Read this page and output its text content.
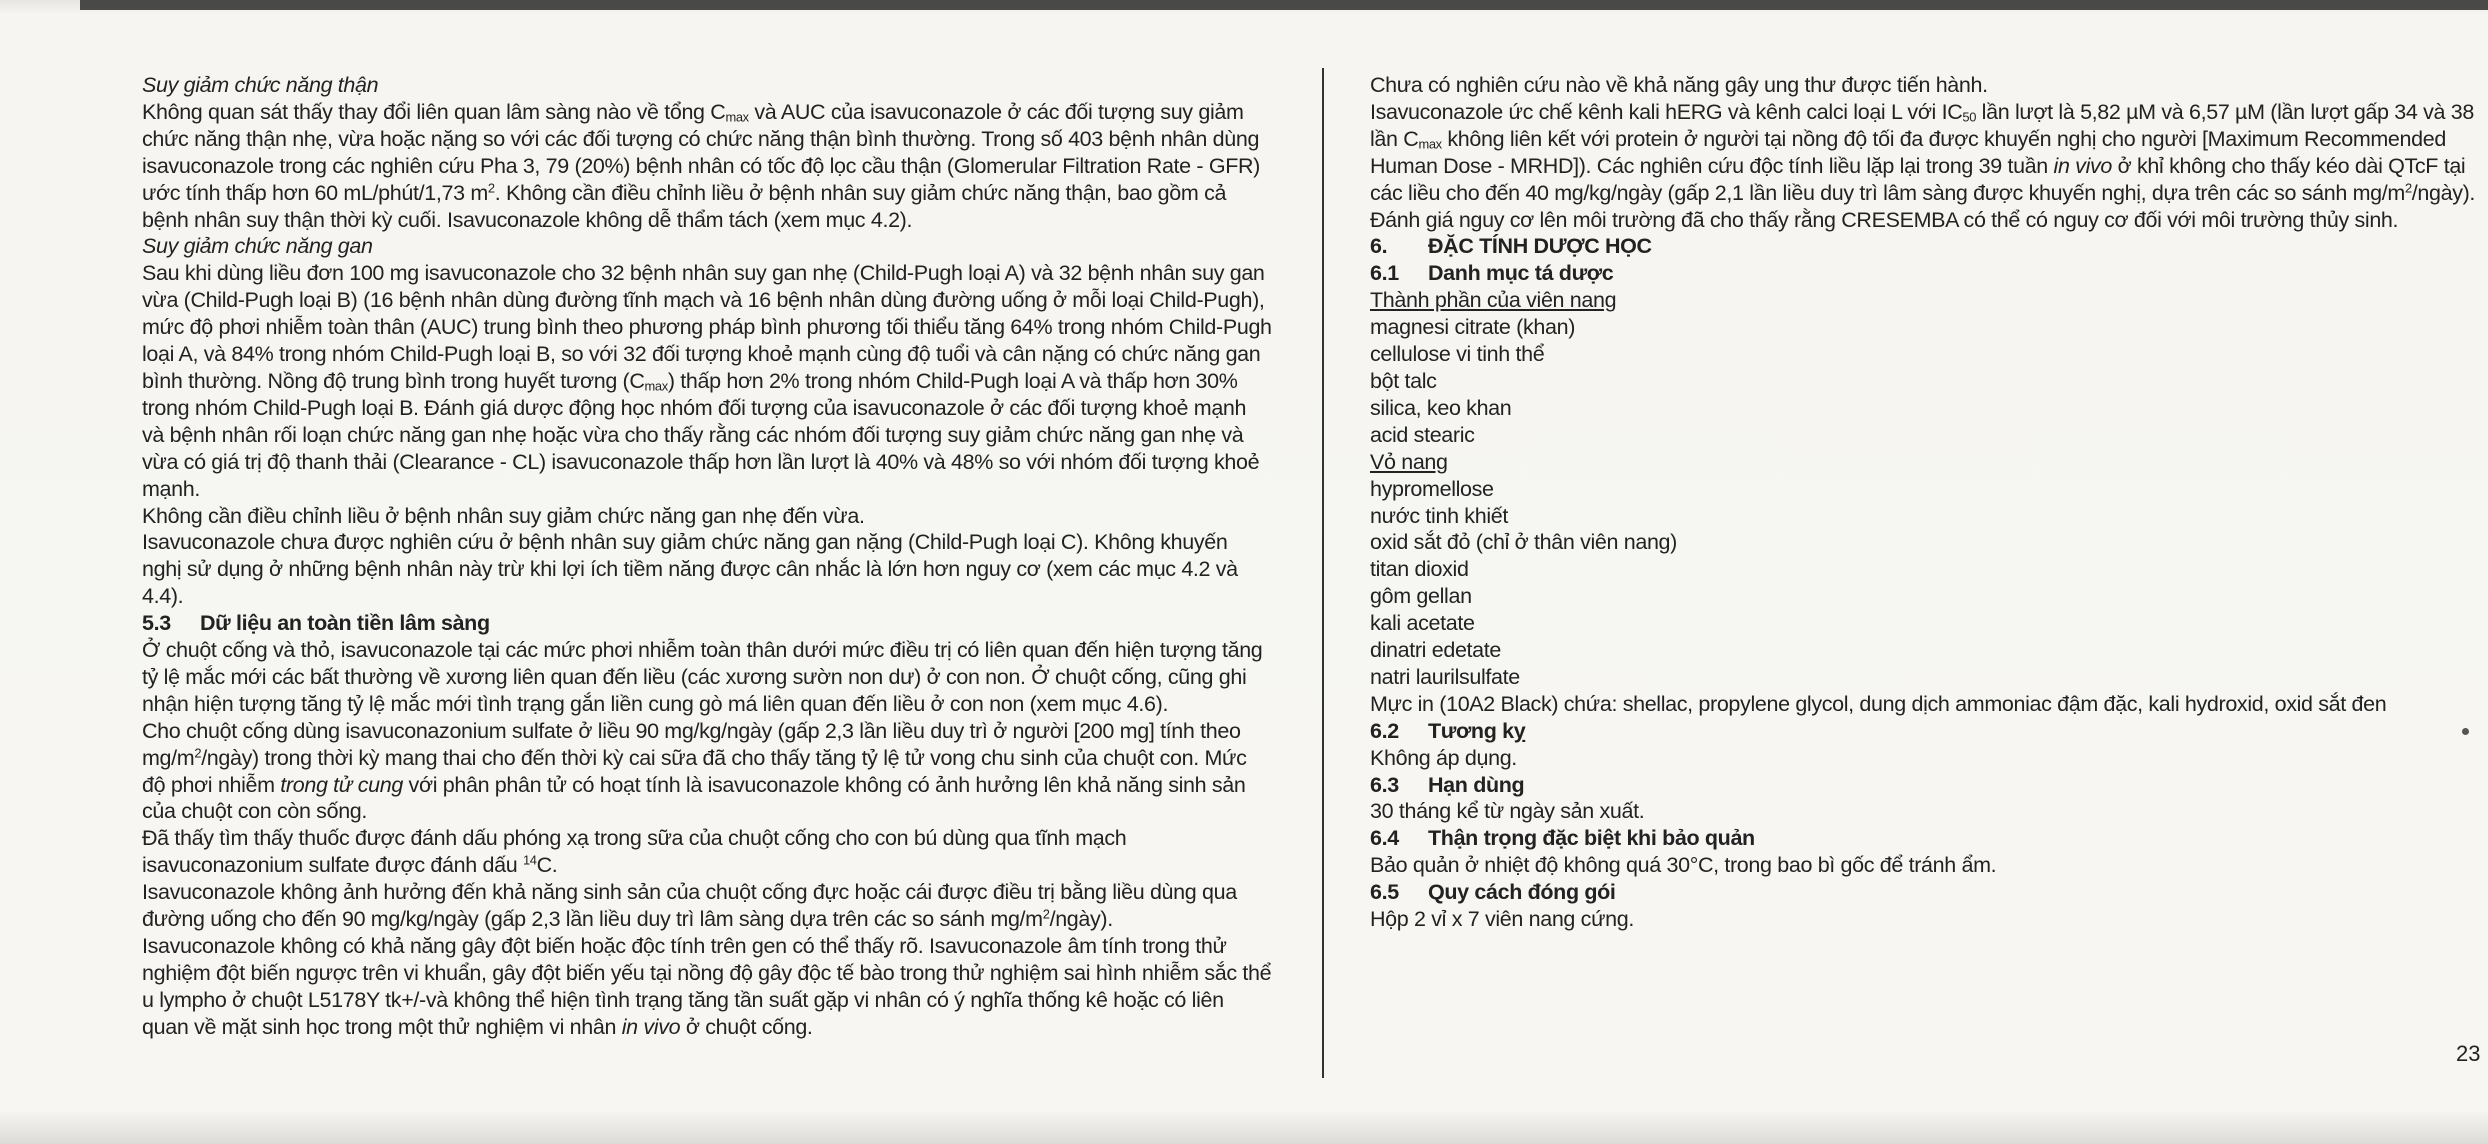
Suy giảm chức năng thận

Không quan sát thấy thay đổi liên quan lâm sàng nào về tổng $C_{max}$ và AUC của isavuconazole ở các đối tượng suy giảm chức năng thận nhẹ, vừa hoặc nặng so với các đối tượng có chức năng thận bình thường. Trong số 403 bệnh nhân dùng isavuconazole trong các nghiên cứu Pha 3, 79 (20%) bệnh nhân có tốc độ lọc cầu thận (Glomerular Filtration Rate - GFR) ước tính thấp hơn 60 mL/phút/1,73 $m^2$. Không cần điều chỉnh liều ở bệnh nhân suy giảm chức năng thận, bao gồm cả bệnh nhân suy thận thời kỳ cuối. Isavuconazole không dễ thẩm tách (xem mục 4.2).

Suy giảm chức năng gan

Sau khi dùng liều đơn 100 mg isavuconazole cho 32 bệnh nhân suy gan nhẹ (Child-Pugh loại A) và 32 bệnh nhân suy gan vừa (Child-Pugh loại B) (16 bệnh nhân dùng đường tĩnh mạch và 16 bệnh nhân dùng đường uống ở mỗi loại Child-Pugh), mức độ phơi nhiễm toàn thân (AUC) trung bình theo phương pháp bình phương tối thiểu tăng 64% trong nhóm Child-Pugh loại A, và 84% trong nhóm Child-Pugh loại B, so với 32 đối tượng khoẻ mạnh cùng độ tuổi và cân nặng có chức năng gan bình thường. Nồng độ trung bình trong huyết tương $(C_{max})$ thấp hơn 2% trong nhóm Child-Pugh loại A và thấp hơn 30% trong nhóm Child-Pugh loại B. Đánh giá dược động học nhóm đối tượng của isavuconazole ở các đối tượng khoẻ mạnh và bệnh nhân rối loạn chức năng gan nhẹ hoặc vừa cho thấy rằng các nhóm đối tượng suy giảm chức năng gan nhẹ và vừa có giá trị độ thanh thải (Clearance - CL) isavuconazole thấp hơn lần lượt là 40% và 48% so với nhóm đối tượng khoẻ mạnh.

Không cần điều chỉnh liều ở bệnh nhân suy giảm chức năng gan nhẹ đến vừa.

Isavuconazole chưa được nghiên cứu ở bệnh nhân suy giảm chức năng gan nặng (Child-Pugh loại C). Không khuyến nghị sử dụng ở những bệnh nhân này trừ khi lợi ích tiềm năng được cân nhắc là lớn hơn nguy cơ (xem các mục 4.2 và 4.4).

5.3 Dữ liệu an toàn tiền lâm sàng

Ở chuột cống và thỏ, isavuconazole tại các mức phơi nhiễm toàn thân dưới mức điều trị có liên quan đến hiện tượng tăng tỷ lệ mắc mới các bất thường về xương liên quan đến liều (các xương sườn non dư) ở con non. Ở chuột cống, cũng ghi nhận hiện tượng tăng tỷ lệ mắc mới tình trạng gắn liền cung gò má liên quan đến liều ở con non (xem mục 4.6).

Cho chuột cống dùng isavuconazonium sulfate ở liều 90 mg/kg/ngày (gấp 2,3 lần liều duy trì ở người [200 mg] tính theo $mg/m^2/ngày$) trong thời kỳ mang thai cho đến thời kỳ cai sữa đã cho thấy tăng tỷ lệ tử vong chu sinh của chuột con. Mức độ phơi nhiễm trong tử cung với phân phân tử có hoạt tính là isavuconazole không có ảnh hưởng lên khả năng sinh sản của chuột con còn sống.

Đã thấy tìm thấy thuốc được đánh dấu phóng xạ trong sữa của chuột cống cho con bú dùng qua tĩnh mạch isavuconazonium sulfate được đánh dấu $^{14}$C.

Isavuconazole không ảnh hưởng đến khả năng sinh sản của chuột cống đực hoặc cái được điều trị bằng liều dùng qua đường uống cho đến 90 mg/kg/ngày (gấp 2,3 lần liều duy trì lâm sàng dựa trên các so sánh $mg/m^2/ngày$).

Isavuconazole không có khả năng gây đột biến hoặc độc tính trên gen có thể thấy rõ. Isavuconazole âm tính trong thử nghiệm đột biến ngược trên vi khuẩn, gây đột biến yếu tại nồng độ gây độc tế bào trong thử nghiệm sai hình nhiễm sắc thể u lympho ở chuột L5178Y tk+/-và không thể hiện tình trạng tăng tần suất gặp vi nhân có ý nghĩa thống kê hoặc có liên quan về mặt sinh học trong một thử nghiệm vi nhân in vivo ở chuột cống.

Chưa có nghiên cứu nào về khả năng gây ung thư được tiến hành.

Isavuconazole ức chế kênh kali hERG và kênh calci loại L với $IC_{50}$ lần lượt là 5,82 µM và 6,57 µM (lần lượt gấp 34 và 38 lần $C_{max}$ không liên kết với protein ở người tại nồng độ tối đa được khuyến nghị cho người [Maximum Recommended Human Dose - MRHD]). Các nghiên cứu độc tính liều lặp lại trong 39 tuần in vivo ở khỉ không cho thấy kéo dài QTcF tại các liều cho đến 40 mg/kg/ngày (gấp 2,1 lần liều duy trì lâm sàng được khuyến nghị, dựa trên các so sánh $mg/m^2/ngày$).

Đánh giá nguy cơ lên môi trường đã cho thấy rằng CRESEMBA có thể có nguy cơ đối với môi trường thủy sinh.

6. ĐẶC TÍNH DƯỢC HỌC

6.1 Danh mục tá dược

Thành phần của viên nang

magnesi citrate (khan)

cellulose vi tinh thể

bột talc

silica, keo khan

acid stearic

Vỏ nang

hypromellose

nước tinh khiết

oxid sắt đỏ (chỉ ở thân viên nang)

titan dioxid

gôm gellan

kali acetate

dinatri edetate

natri laurilsulfate

Mực in (10A2 Black) chứa: shellac, propylene glycol, dung dịch ammoniac đậm đặc, kali hydroxid, oxid sắt đen

6.2 Tương kỵ

Không áp dụng.

6.3 Hạn dùng

30 tháng kể từ ngày sản xuất.

6.4 Thận trọng đặc biệt khi bảo quản

Bảo quản ở nhiệt độ không quá 30°C, trong bao bì gốc để tránh ẩm.

6.5 Quy cách đóng gói

Hộp 2 vỉ x 7 viên nang cứng.

23
